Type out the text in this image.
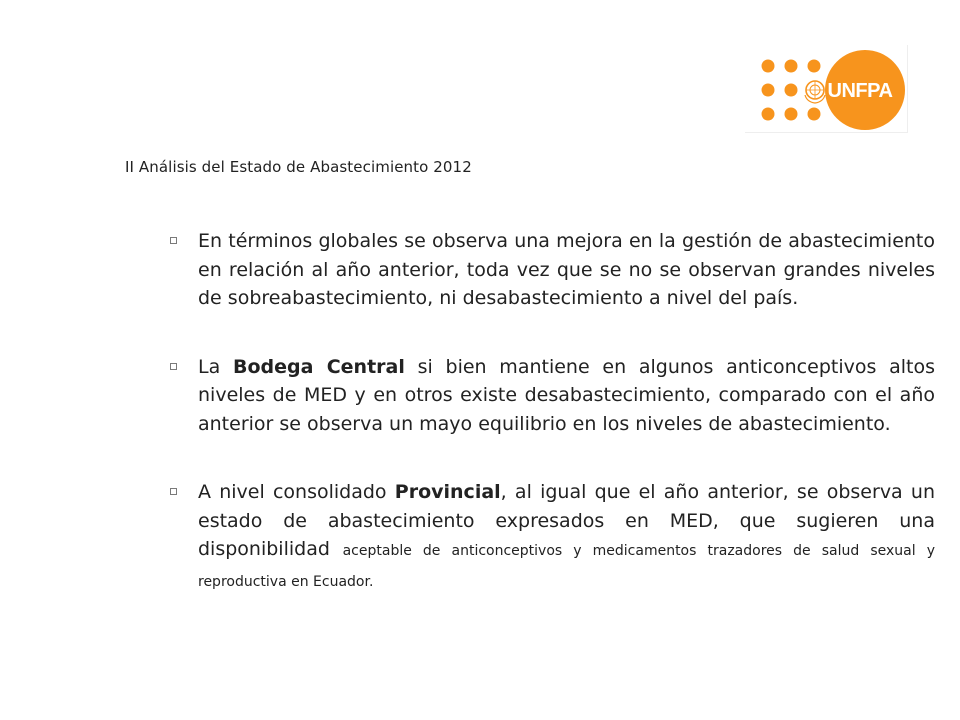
UNFPA
II Análisis del Estado de Abastecimiento 2012
En términos globales se observa una mejora en la gestión de abastecimiento en relación al año anterior, toda vez que se no se observan grandes niveles de sobreabastecimiento, ni desabastecimiento a nivel del país.
La Bodega Central si bien mantiene en algunos anticonceptivos altos niveles de MED y en otros existe desabastecimiento, comparado con el año anterior se observa un mayo equilibrio en los niveles de abastecimiento.
A nivel consolidado Provincial, al igual que el año anterior, se observa un estado de abastecimiento expresados en MED, que sugieren una disponibilidad aceptable de anticonceptivos y medicamentos trazadores de salud sexual y reproductiva en Ecuador.
